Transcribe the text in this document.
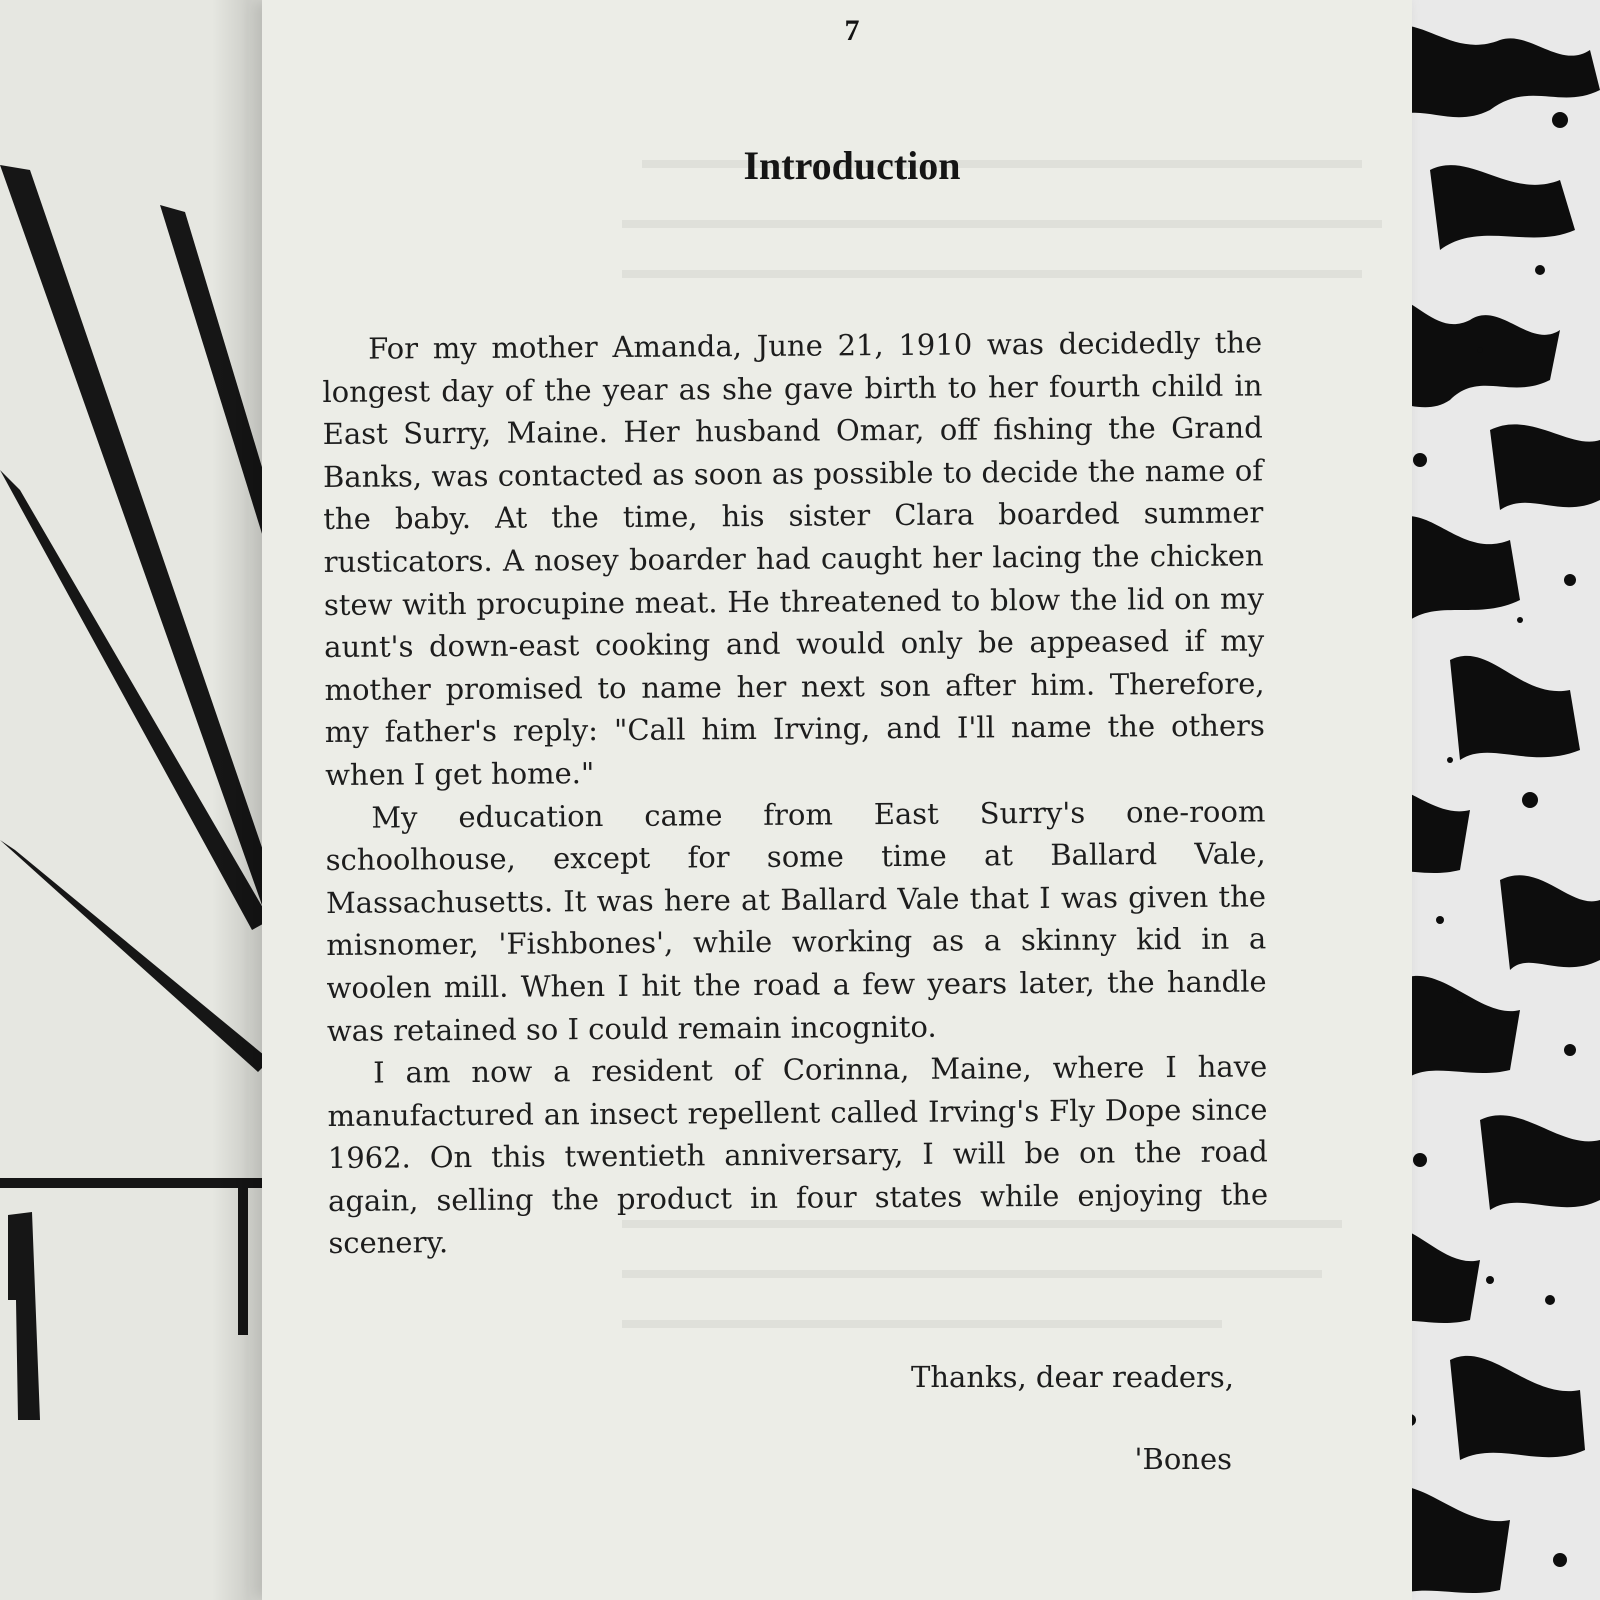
7
Introduction

For my mother Amanda, June 21, 1910 was decidedly the longest day of the year as she gave birth to her fourth child in East Surry, Maine. Her husband Omar, off fishing the Grand Banks, was contacted as soon as possible to decide the name of the baby. At the time, his sister Clara boarded summer rusticators. A nosey boarder had caught her lacing the chicken stew with procupine meat. He threatened to blow the lid on my aunt's down-east cooking and would only be appeased if my mother promised to name her next son after him. Therefore, my father's reply: "Call him Irving, and I'll name the others when I get home."

My education came from East Surry's one-room schoolhouse, except for some time at Ballard Vale, Massachusetts. It was here at Ballard Vale that I was given the misnomer, 'Fishbones', while working as a skinny kid in a woolen mill. When I hit the road a few years later, the handle was retained so I could remain incognito.

I am now a resident of Corinna, Maine, where I have manufactured an insect repellent called Irving's Fly Dope since 1962. On this twentieth anniversary, I will be on the road again, selling the product in four states while enjoying the scenery.

Thanks, dear readers,

'Bones
